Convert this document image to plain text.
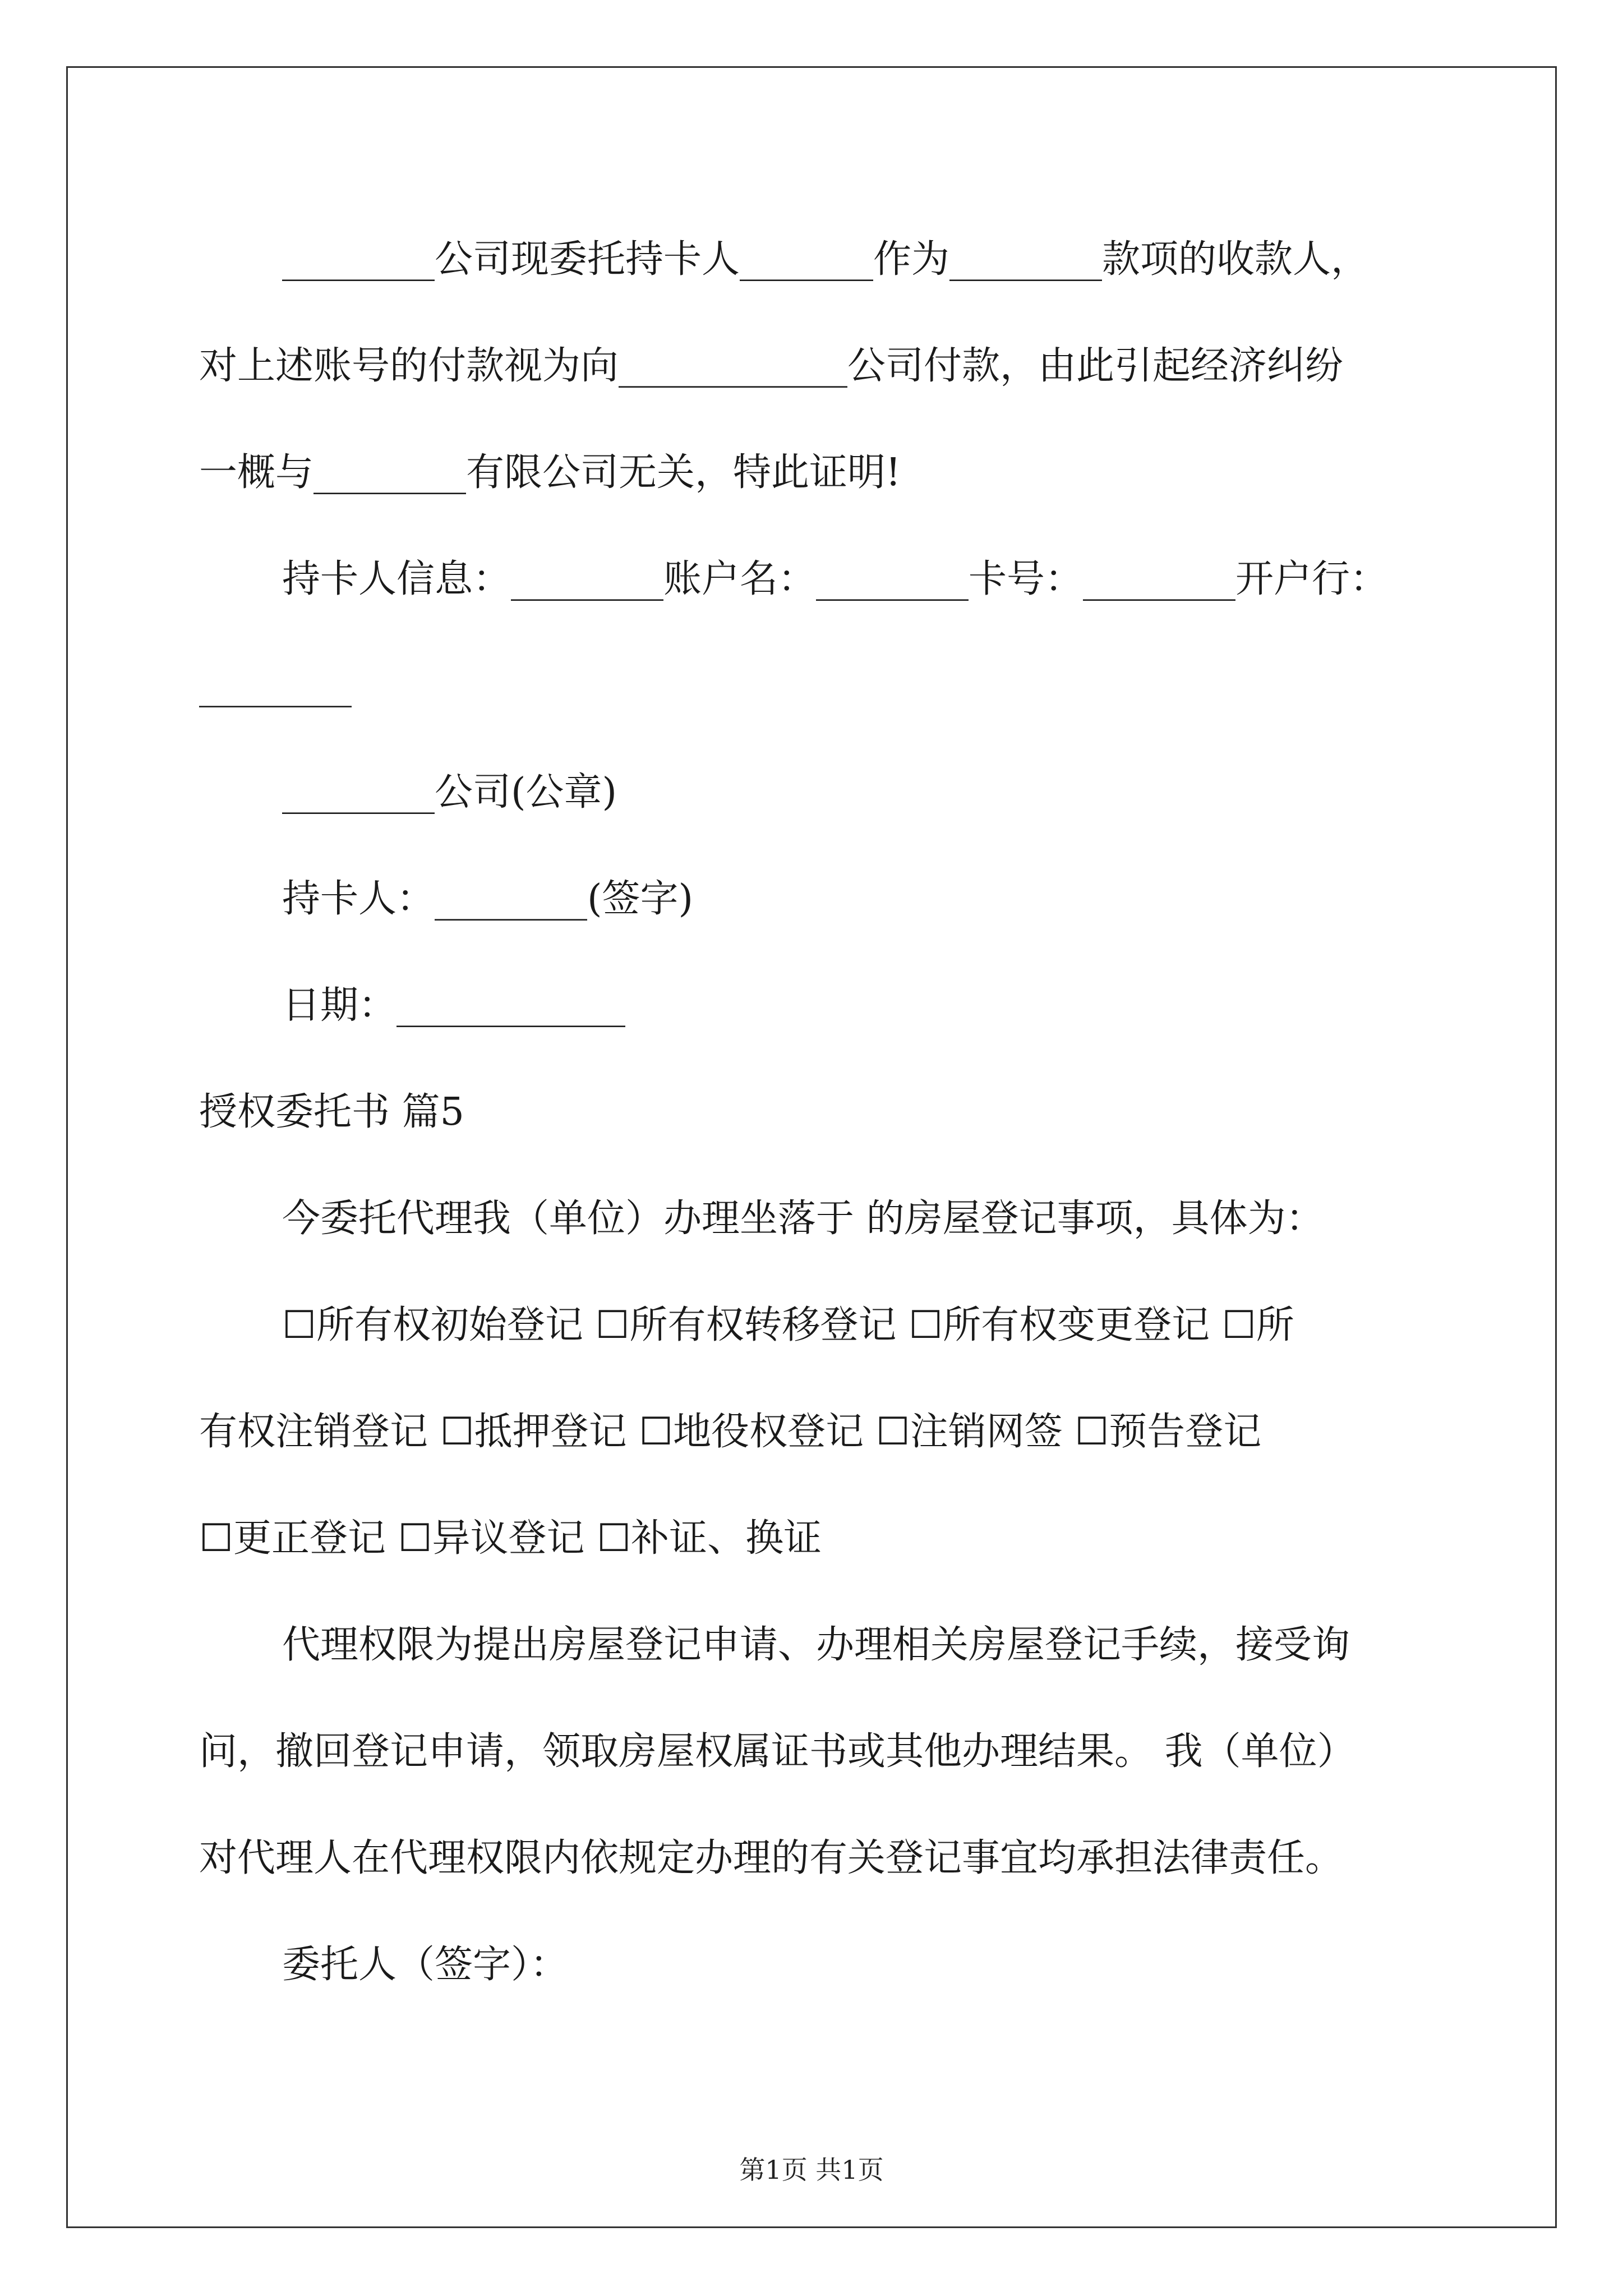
________公司现委托持卡人_______作为________款项的收款人，
对上述账号的付款视为向____________公司付款，由此引起经济纠纷
一概与________有限公司无关，特此证明!
持卡人信息：________账户名：________卡号：________开户行：
________
________公司(公章)
持卡人：________(签字)
日期：____________
授权委托书 篇5
今委托代理我（单位）办理坐落于 的房屋登记事项，具体为：
☐所有权初始登记 ☐所有权转移登记 ☐所有权变更登记 ☐所
有权注销登记 ☐抵押登记 ☐地役权登记 ☐注销网签 ☐预告登记
☐更正登记 ☐异议登记 ☐补证、换证
代理权限为提出房屋登记申请、办理相关房屋登记手续，接受询
问，撤回登记申请，领取房屋权属证书或其他办理结果。 我（单位）
对代理人在代理权限内依规定办理的有关登记事宜均承担法律责任。
委托人（签字）：
第1页 共1页
